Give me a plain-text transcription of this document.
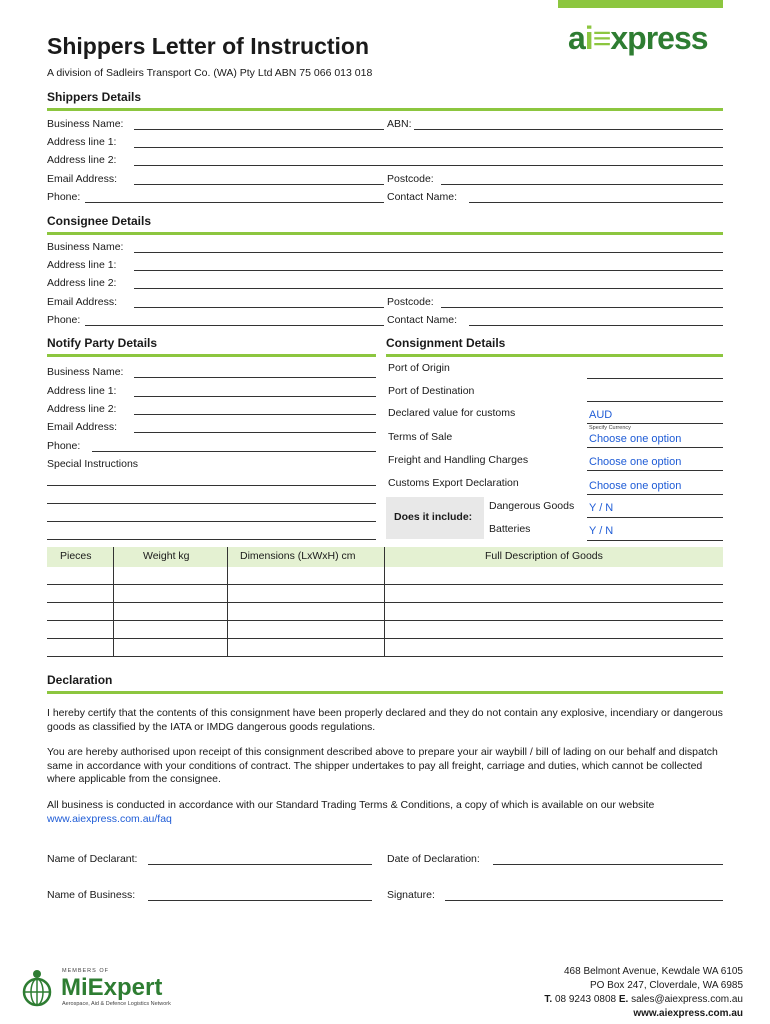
ai≡xpress
Shippers Letter of Instruction
A division of Sadleirs Transport Co. (WA) Pty Ltd ABN 75 066 013 018
Shippers Details
Business Name:	ABN:
Address line 1:
Address line 2:
Email Address:	Postcode:
Phone:	Contact Name:
Consignee Details
Business Name:
Address line 1:
Address line 2:
Email Address:	Postcode:
Phone:	Contact Name:
Notify Party Details
Business Name:
Address line 1:
Address line 2:
Email Address:
Phone:
Special Instructions
Consignment Details
Port of Origin
Port of Destination
Declared value for customs	AUD
Specify Currency
Terms of Sale	Choose one option
Freight and Handling Charges	Choose one option
Customs Export Declaration	Choose one option
Does it include:
Dangerous Goods Y / N
Batteries	Y / N
Pieces	Weight kg	Dimensions (LxWxH) cm	Full Description of Goods
Declaration
I hereby certify that the contents of this consignment have been properly declared and they do not contain any explosive, incendiary or dangerous goods as classified by the IATA or IMDG dangerous goods regulations.
You are hereby authorised upon receipt of this consignment described above to prepare your air waybill / bill of lading on our behalf and dispatch same in accordance with your conditions of contract. The shipper undertakes to pay all freight, carriage and duties, which cannot be collected where applicable from the consignee.
All business is conducted in accordance with our Standard Trading Terms & Conditions, a copy of which is available on our website www.aiexpress.com.au/faq
Name of Declarant:	Date of Declaration:
Name of Business:	Signature:
MEMBERS OF
MiExpert
Aerospace, Aid & Defence Logistics Network
468 Belmont Avenue, Kewdale WA 6105
PO Box 247, Cloverdale, WA 6985
T. 08 9243 0808 E. sales@aiexpress.com.au
www.aiexpress.com.au
